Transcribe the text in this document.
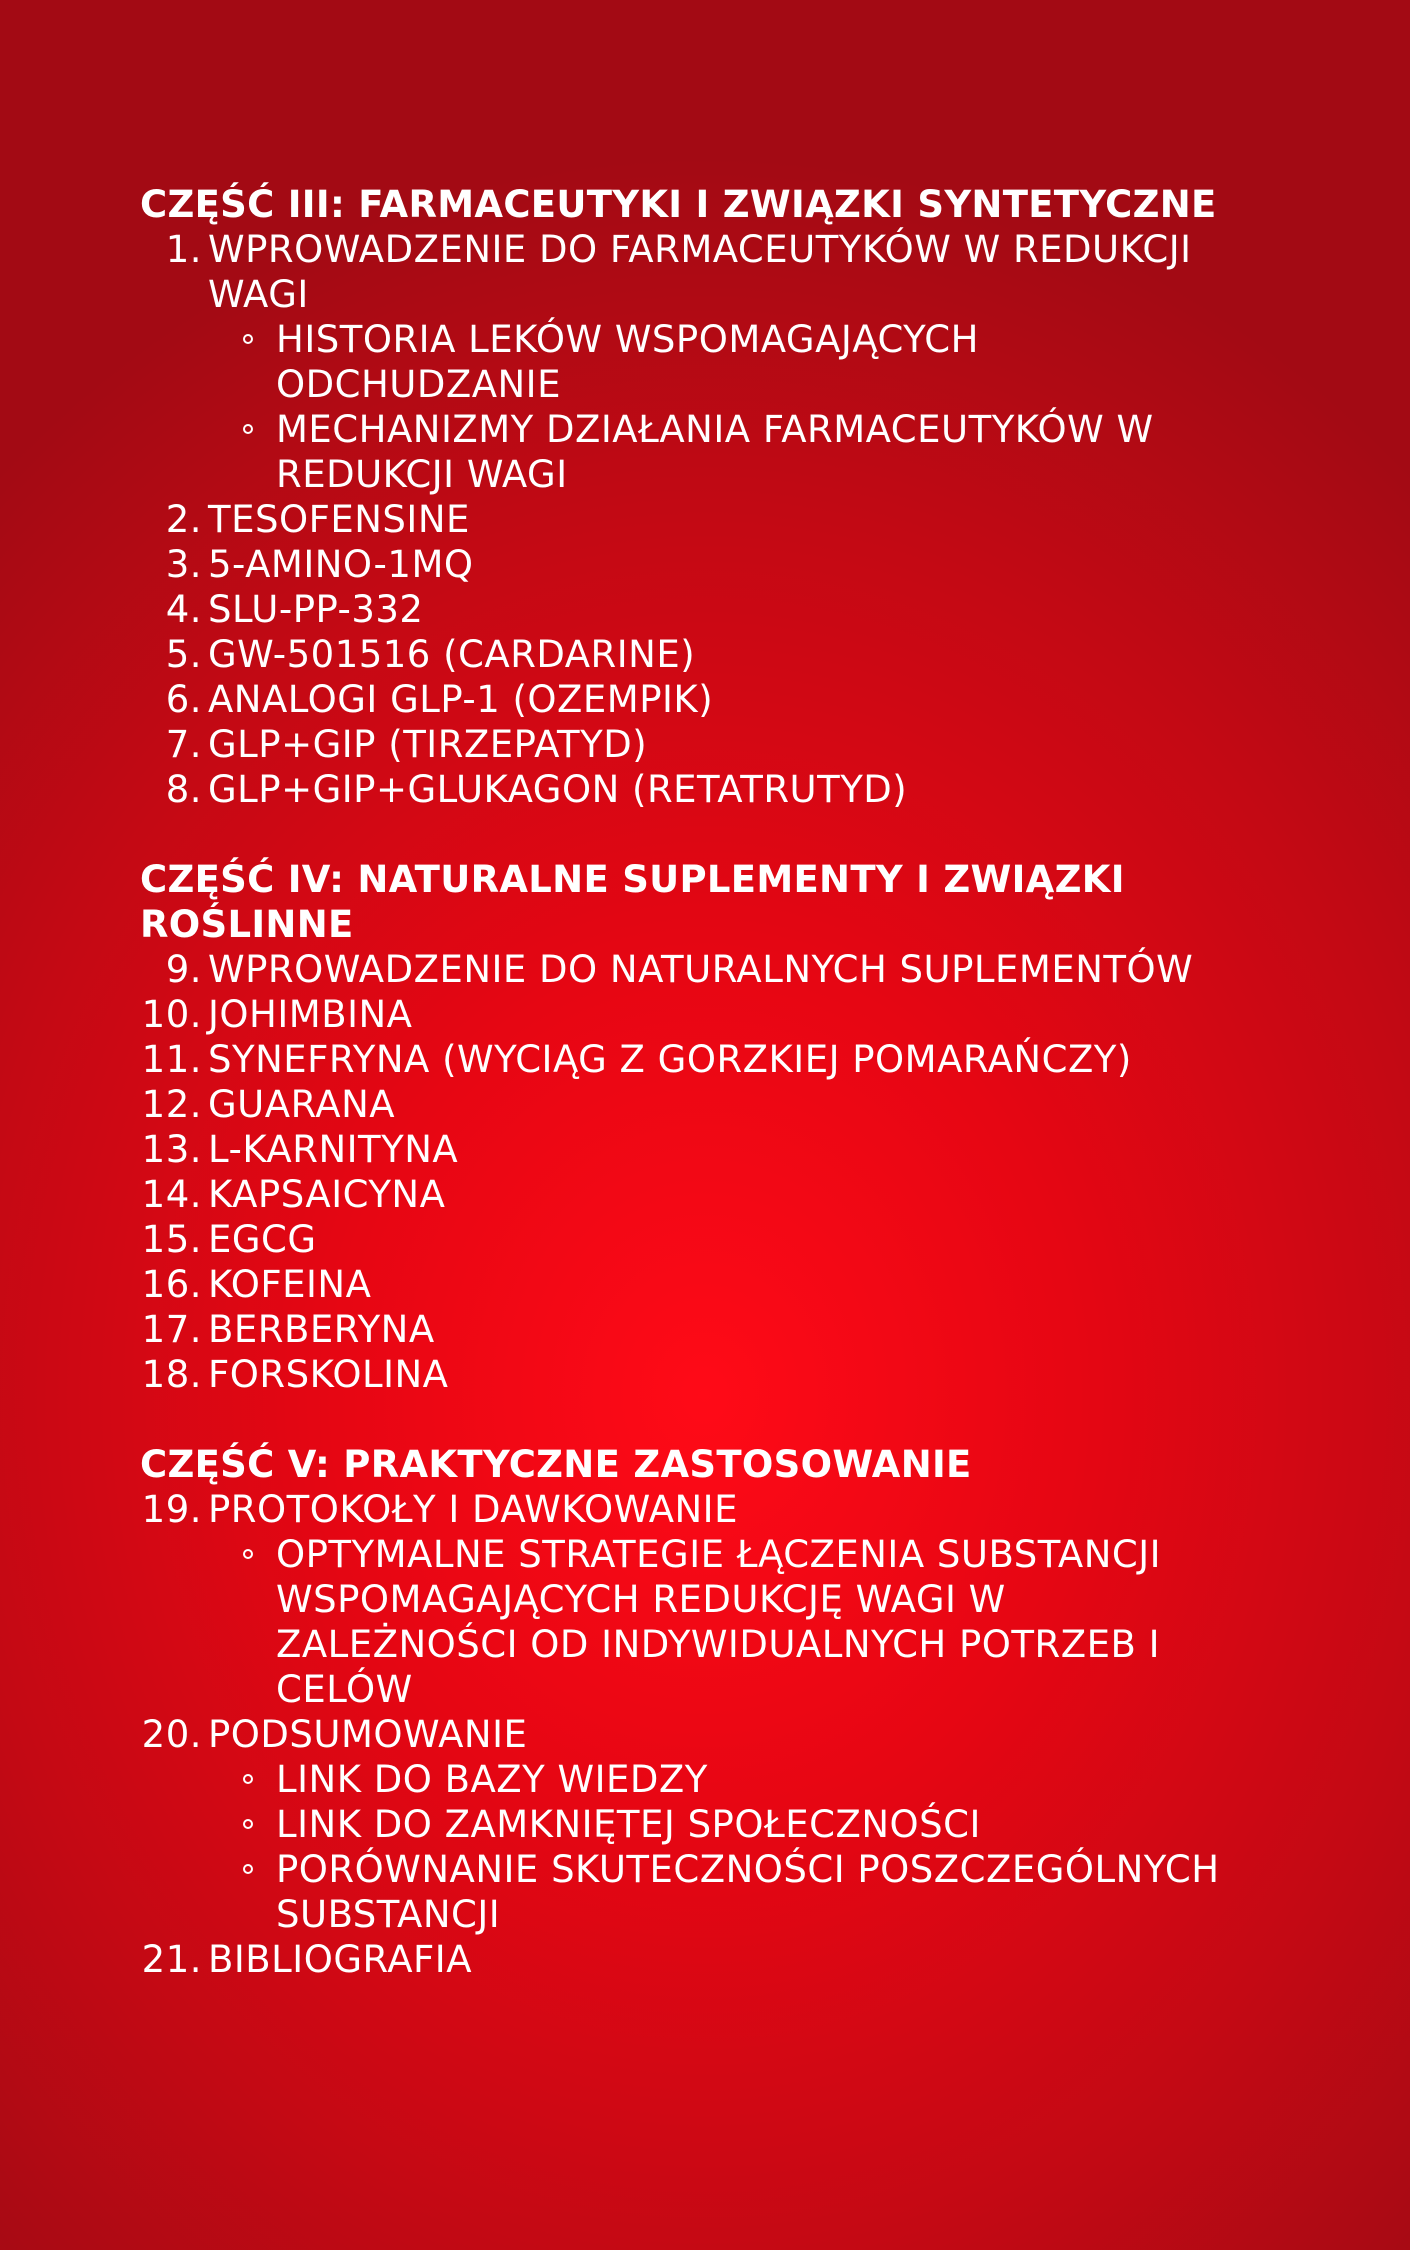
CZĘŚĆ III: FARMACEUTYKI I ZWIĄZKI SYNTETYCZNE
1. WPROWADZENIE DO FARMACEUTYKÓW W REDUKCJI WAGI
HISTORIA LEKÓW WSPOMAGAJĄCYCH ODCHUDZANIE
MECHANIZMY DZIAŁANIA FARMACEUTYKÓW W REDUKCJI WAGI
2. TESOFENSINE
3. 5-AMINO-1MQ
4. SLU-PP-332
5. GW-501516 (CARDARINE)
6. ANALOGI GLP-1 (OZEMPIK)
7. GLP+GIP (TIRZEPATYD)
8. GLP+GIP+GLUKAGON (RETATRUTYD)
CZĘŚĆ IV: NATURALNE SUPLEMENTY I ZWIĄZKI ROŚLINNE
9. WPROWADZENIE DO NATURALNYCH SUPLEMENTÓW
10. JOHIMBINA
11. SYNEFRYNA (WYCIĄG Z GORZKIEJ POMARAŃCZY)
12. GUARANA
13. L-KARNITYNA
14. KAPSAICYNA
15. EGCG
16. KOFEINA
17. BERBERYNA
18. FORSKOLINA
CZĘŚĆ V: PRAKTYCZNE ZASTOSOWANIE
19. PROTOKOŁY I DAWKOWANIE
OPTYMALNE STRATEGIE ŁĄCZENIA SUBSTANCJI WSPOMAGAJĄCYCH REDUKCJĘ WAGI W ZALEŻNOŚCI OD INDYWIDUALNYCH POTRZEB I CELÓW
20. PODSUMOWANIE
LINK DO BAZY WIEDZY
LINK DO ZAMKNIĘTEJ SPOŁECZNOŚCI
PORÓWNANIE SKUTECZNOŚCI POSZCZEGÓLNYCH SUBSTANCJI
21. BIBLIOGRAFIA
